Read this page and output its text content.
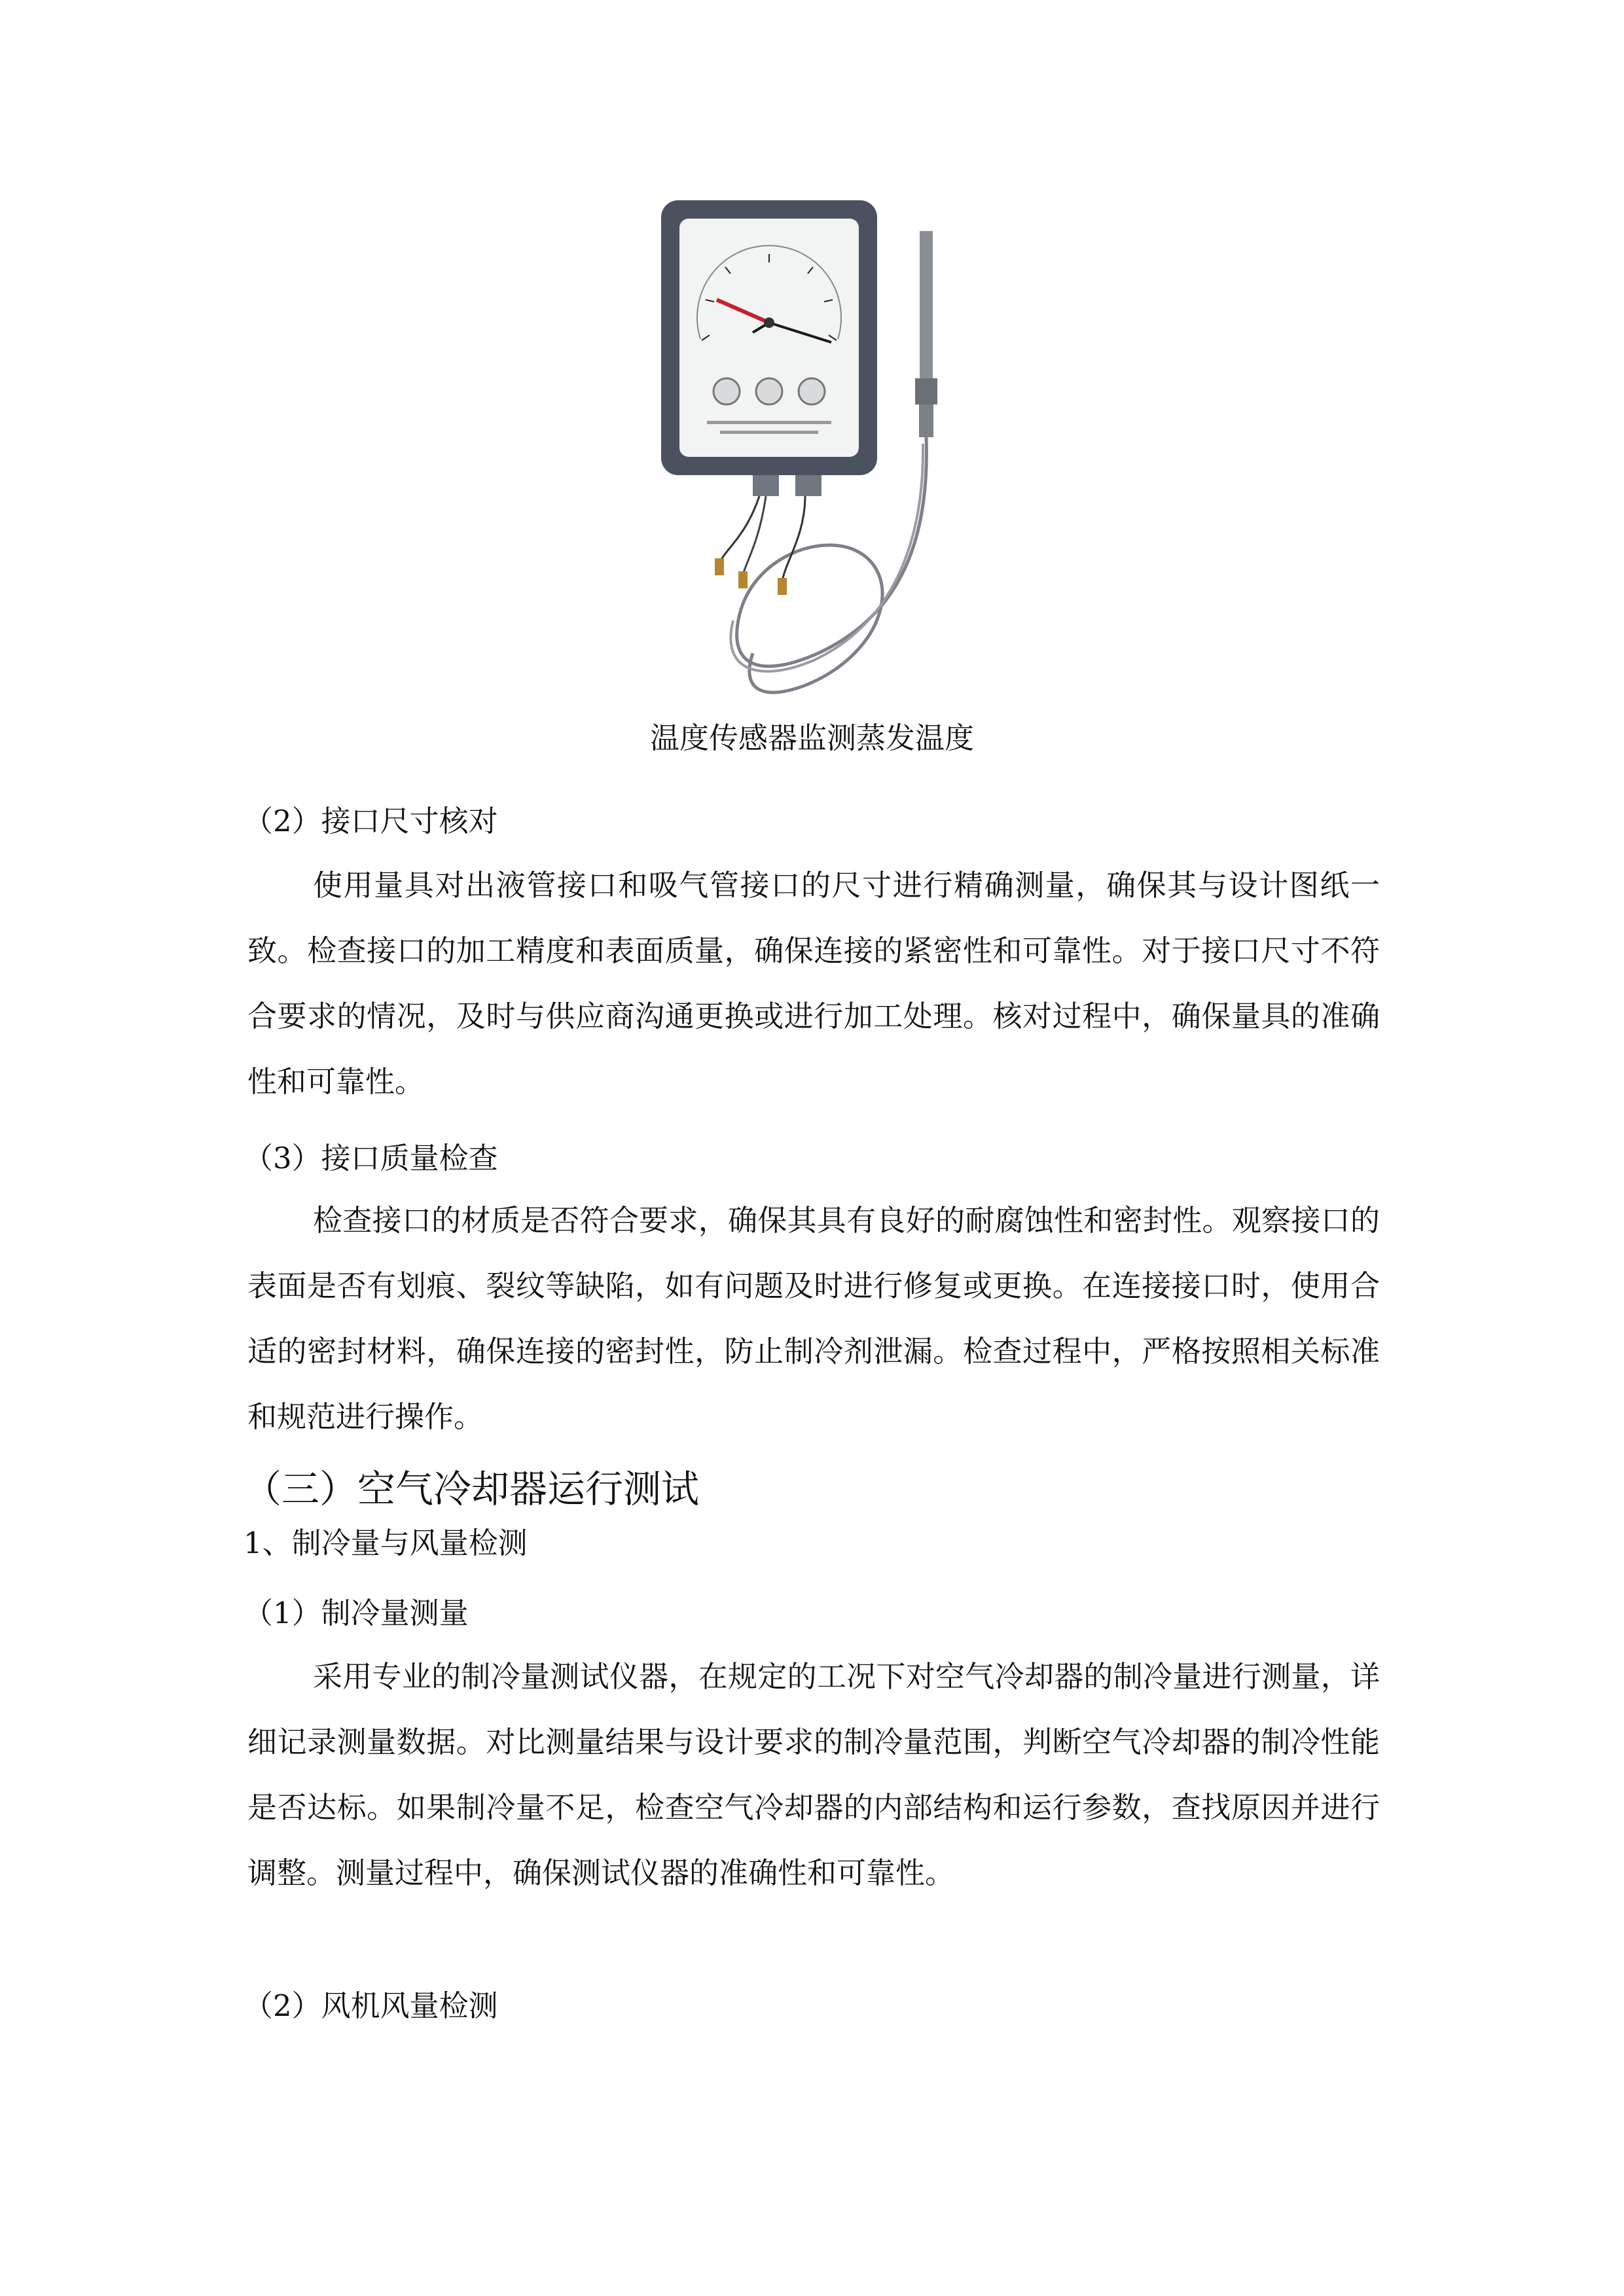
温度传感器监测蒸发温度
（2）接口尺寸核对

使用量具对出液管接口和吸气管接口的尺寸进行精确测量，确保其与设计图纸一致。检查接口的加工精度和表面质量，确保连接的紧密性和可靠性。对于接口尺寸不符合要求的情况，及时与供应商沟通更换或进行加工处理。核对过程中，确保量具的准确性和可靠性。

（3）接口质量检查

检查接口的材质是否符合要求，确保其具有良好的耐腐蚀性和密封性。观察接口的表面是否有划痕、裂纹等缺陷，如有问题及时进行修复或更换。在连接接口时，使用合适的密封材料，确保连接的密封性，防止制冷剂泄漏。检查过程中，严格按照相关标准和规范进行操作。

（三）空气冷却器运行测试
1、制冷量与风量检测
（1）制冷量测量

采用专业的制冷量测试仪器，在规定的工况下对空气冷却器的制冷量进行测量，详细记录测量数据。对比测量结果与设计要求的制冷量范围，判断空气冷却器的制冷性能是否达标。如果制冷量不足，检查空气冷却器的内部结构和运行参数，查找原因并进行调整。测量过程中，确保测试仪器的准确性和可靠性。

（2）风机风量检测
